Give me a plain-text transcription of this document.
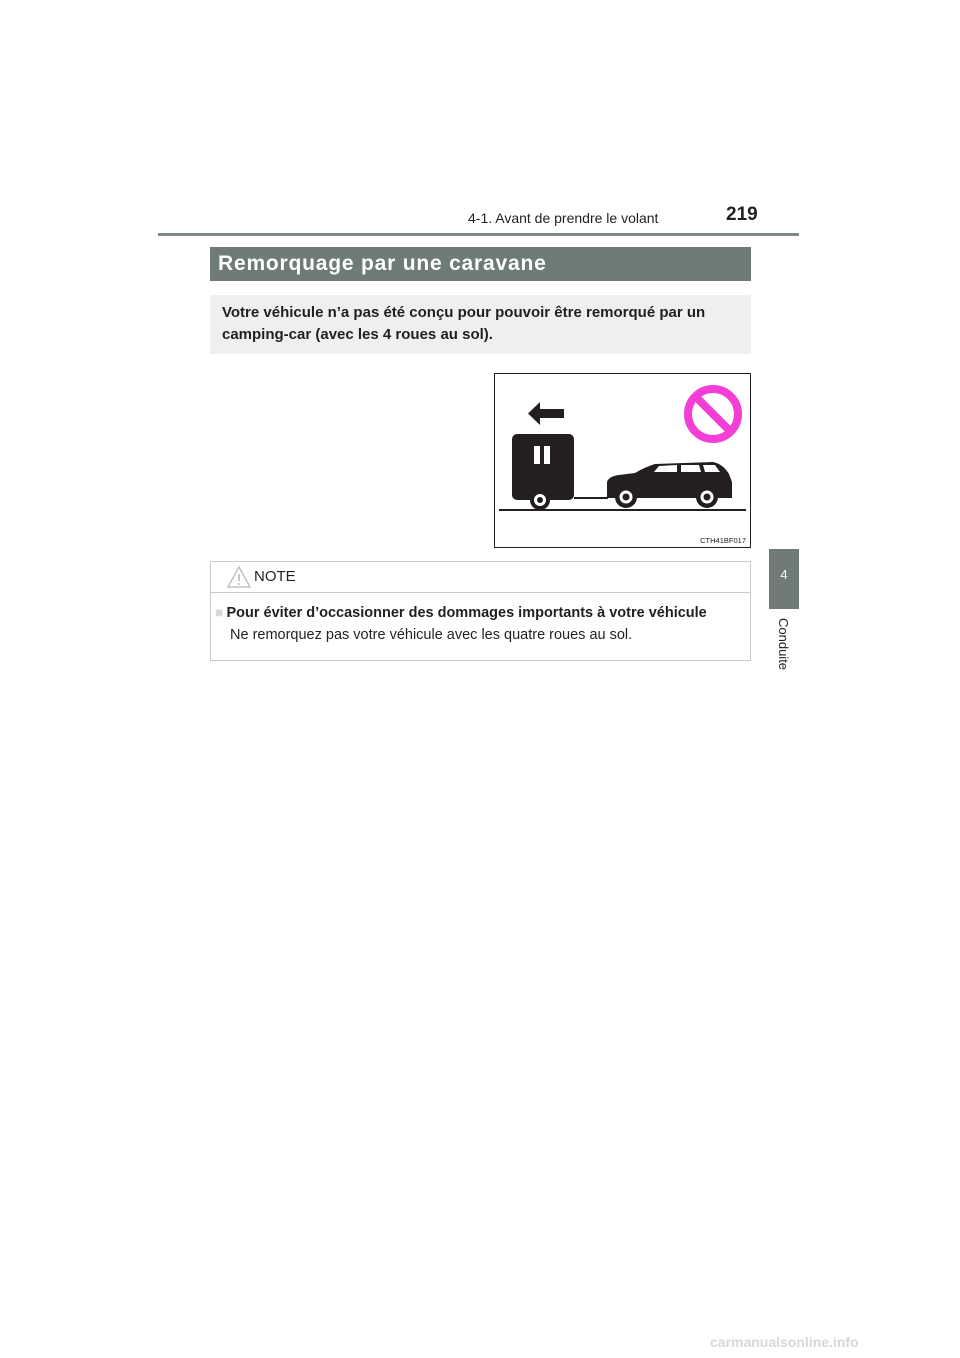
4-1. Avant de prendre le volant	219
4
Conduite
Remorquage par une caravane
Votre véhicule n’a pas été conçu pour pouvoir être remorqué par un camping-car (avec les 4 roues au sol).
CTH41BF017
NOTE
■ Pour éviter d’occasionner des dommages importants à votre véhicule
Ne remorquez pas votre véhicule avec les quatre roues au sol.
carmanualsonline.info
